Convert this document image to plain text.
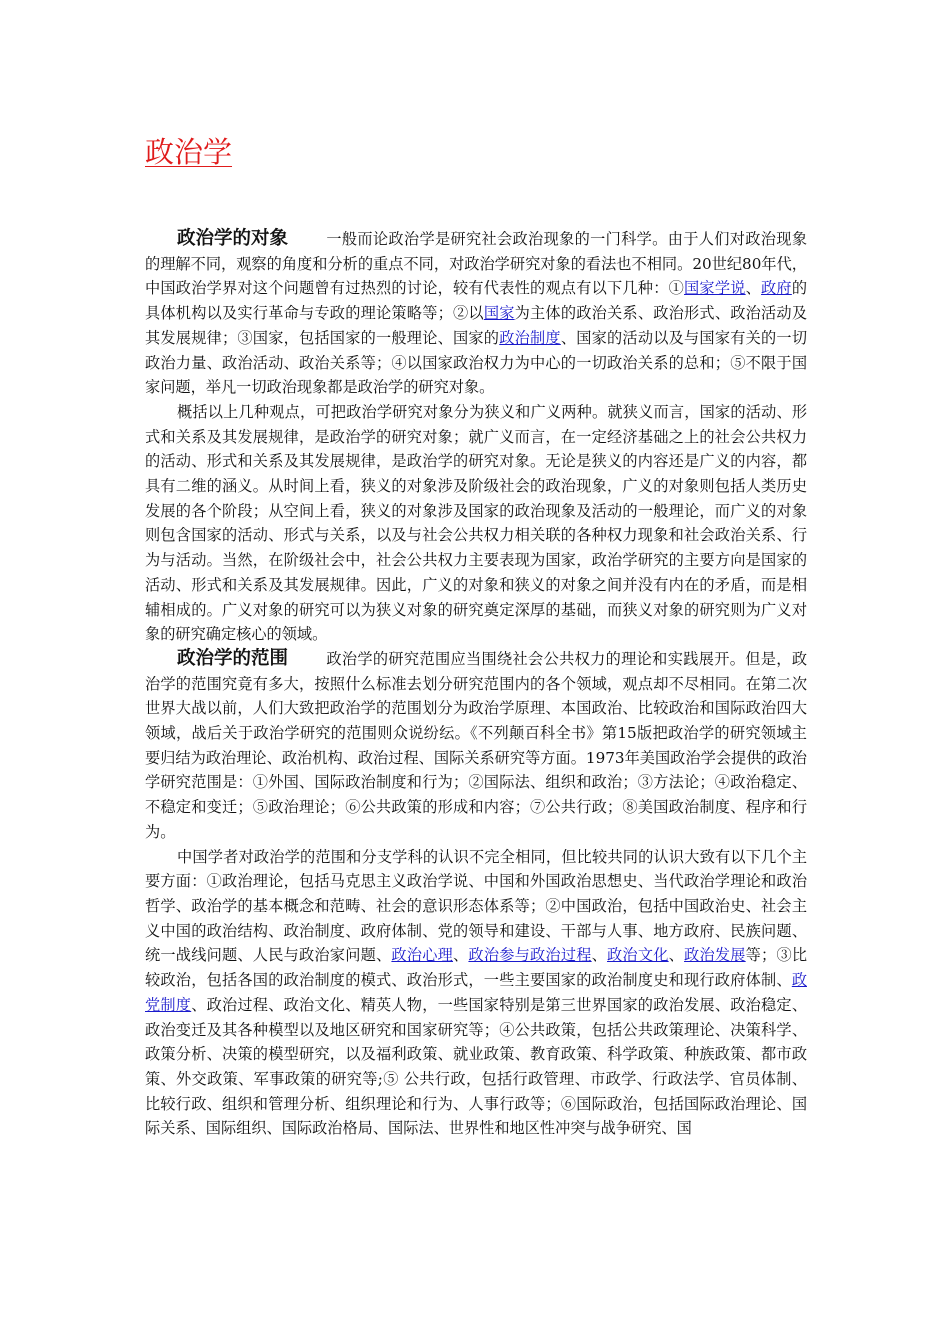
政治学

政治学的对象	一般而论政治学是研究社会政治现象的一门科学。由于人们对政治现象的理解不同，观察的角度和分析的重点不同，对政治学研究对象的看法也不相同。20世纪80年代，中国政治学界对这个问题曾有过热烈的讨论，较有代表性的观点有以下几种：①国家学说、政府的具体机构以及实行革命与专政的理论策略等；②以国家为主体的政治关系、政治形式、政治活动及其发展规律；③国家，包括国家的一般理论、国家的政治制度、国家的活动以及与国家有关的一切政治力量、政治活动、政治关系等；④以国家政治权力为中心的一切政治关系的总和；⑤不限于国家问题，举凡一切政治现象都是政治学的研究对象。

概括以上几种观点，可把政治学研究对象分为狭义和广义两种。就狭义而言，国家的活动、形式和关系及其发展规律，是政治学的研究对象；就广义而言，在一定经济基础之上的社会公共权力的活动、形式和关系及其发展规律，是政治学的研究对象。无论是狭义的内容还是广义的内容，都具有二维的涵义。从时间上看，狭义的对象涉及阶级社会的政治现象，广义的对象则包括人类历史发展的各个阶段；从空间上看，狭义的对象涉及国家的政治现象及活动的一般理论，而广义的对象则包含国家的活动、形式与关系，以及与社会公共权力相关联的各种权力现象和社会政治关系、行为与活动。当然，在阶级社会中，社会公共权力主要表现为国家，政治学研究的主要方向是国家的活动、形式和关系及其发展规律。因此，广义的对象和狭义的对象之间并没有内在的矛盾，而是相辅相成的。广义对象的研究可以为狭义对象的研究奠定深厚的基础，而狭义对象的研究则为广义对象的研究确定核心的领域。

政治学的范围	政治学的研究范围应当围绕社会公共权力的理论和实践展开。但是，政治学的范围究竟有多大，按照什么标准去划分研究范围内的各个领域，观点却不尽相同。在第二次世界大战以前，人们大致把政治学的范围划分为政治学原理、本国政治、比较政治和国际政治四大领域，战后关于政治学研究的范围则众说纷纭。《不列颠百科全书》第15版把政治学的研究领域主要归结为政治理论、政治机构、政治过程、国际关系研究等方面。1973年美国政治学会提供的政治学研究范围是：①外国、国际政治制度和行为；②国际法、组织和政治；③方法论；④政治稳定、不稳定和变迁；⑤政治理论；⑥公共政策的形成和内容；⑦公共行政；⑧美国政治制度、程序和行为。

中国学者对政治学的范围和分支学科的认识不完全相同，但比较共同的认识大致有以下几个主要方面：①政治理论，包括马克思主义政治学说、中国和外国政治思想史、当代政治学理论和政治哲学、政治学的基本概念和范畴、社会的意识形态体系等；②中国政治，包括中国政治史、社会主义中国的政治结构、政治制度、政府体制、党的领导和建设、干部与人事、地方政府、民族问题、统一战线问题、人民与政治家问题、政治心理、政治参与政治过程、政治文化、政治发展等；③比较政治，包括各国的政治制度的模式、政治形式，一些主要国家的政治制度史和现行政府体制、政党制度、政治过程、政治文化、精英人物，一些国家特别是第三世界国家的政治发展、政治稳定、政治变迁及其各种模型以及地区研究和国家研究等；④公共政策，包括公共政策理论、决策科学、政策分析、决策的模型研究，以及福利政策、就业政策、教育政策、科学政策、种族政策、都市政策、外交政策、军事政策的研究等;⑤ 公共行政，包括行政管理、市政学、行政法学、官员体制、比较行政、组织和管理分析、组织理论和行为、人事行政等；⑥国际政治，包括国际政治理论、国际关系、国际组织、国际政治格局、国际法、世界性和地区性冲突与战争研究、国
